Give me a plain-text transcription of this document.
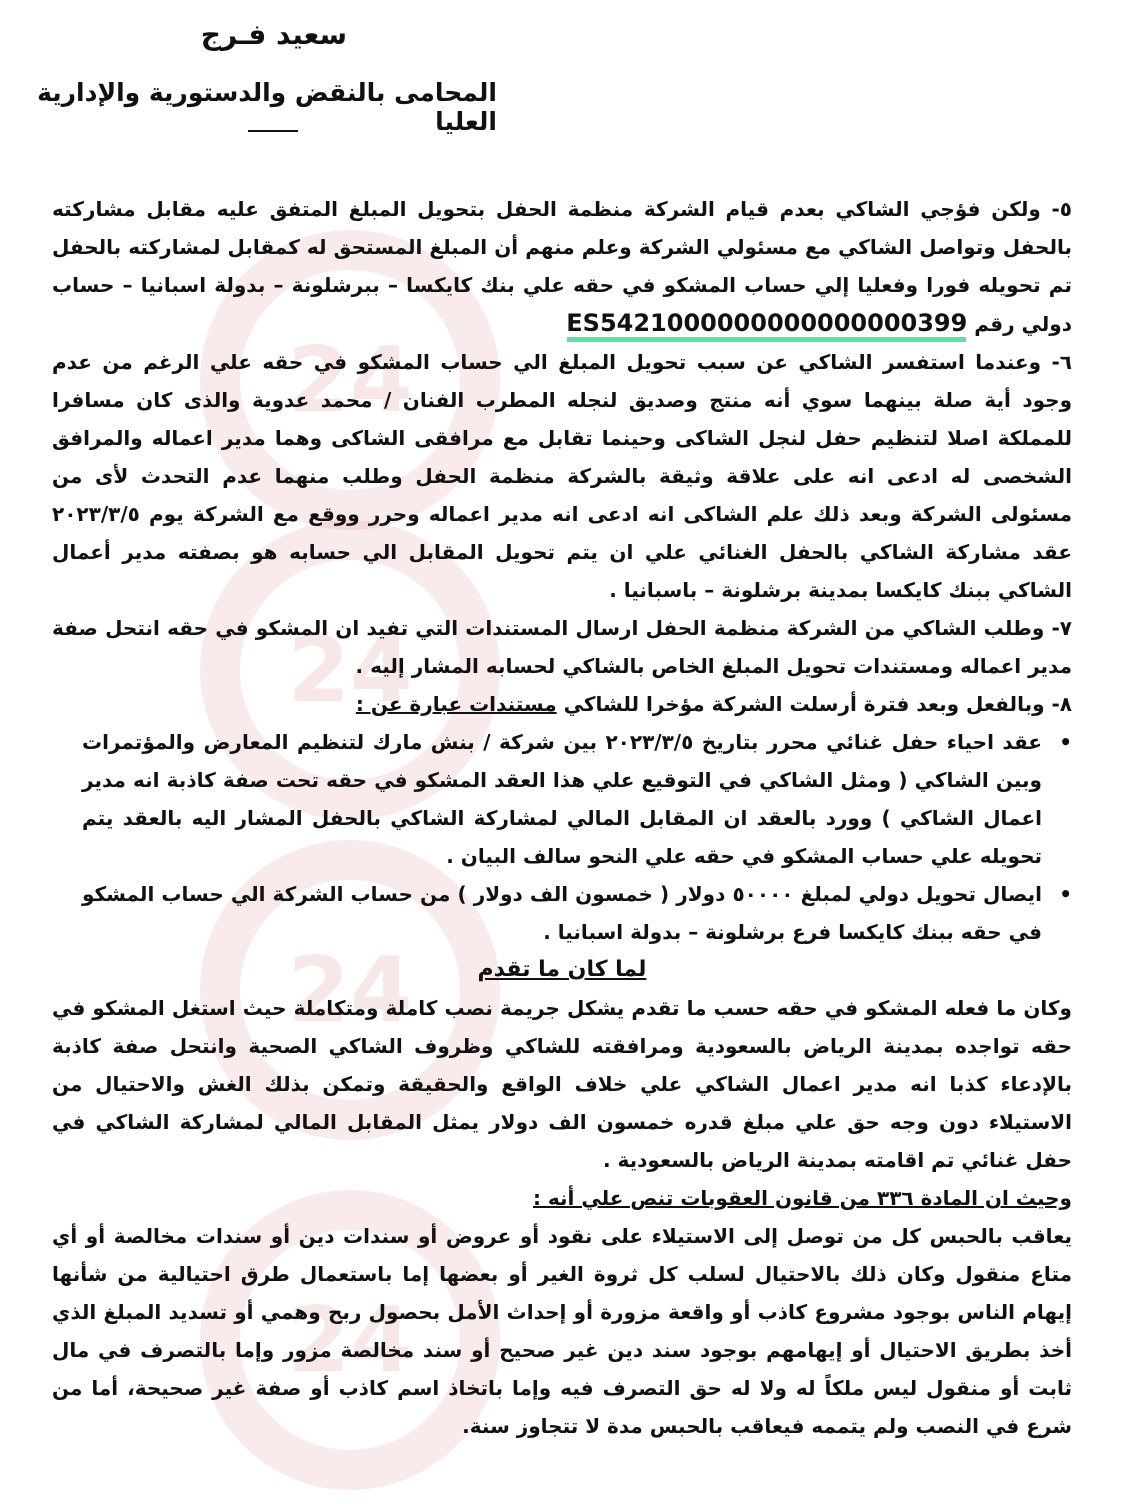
24
24
24
24
سعيد فـرج
المحامى بالنقض والدستورية والإدارية العليا

٥- ولكن فؤجي الشاكي بعدم قيام الشركة منظمة الحفل بتحويل المبلغ المتفق عليه مقابل مشاركته بالحفل وتواصل الشاكي مع مسئولي الشركة وعلم منهم أن المبلغ المستحق له كمقابل لمشاركته بالحفل تم تحويله فورا وفعليا إلي حساب المشكو في حقه علي بنك كايكسا – ببرشلونة – بدولة اسبانيا – حساب دولي رقم ES5421000000000000000399

٦- وعندما استفسر الشاكي عن سبب تحويل المبلغ الي حساب المشكو في حقه علي الرغم من عدم وجود أية صلة بينهما سوي أنه منتج وصديق لنجله المطرب الفنان / محمد عدوية والذى كان مسافرا للمملكة اصلا لتنظيم حفل لنجل الشاكى وحينما تقابل مع مرافقى الشاكى وهما مدير اعماله والمرافق الشخصى له ادعى انه على علاقة وثيقة بالشركة منظمة الحفل وطلب منهما عدم التحدث لأى من مسئولى الشركة وبعد ذلك علم الشاكى انه ادعى انه مدير اعماله وحرر ووقع مع الشركة يوم ٢٠٢٣/٣/٥ عقد مشاركة الشاكي بالحفل الغنائي علي ان يتم تحويل المقابل الي حسابه هو بصفته مدير أعمال الشاكي ببنك كايكسا بمدينة برشلونة – باسبانيا .

٧- وطلب الشاكي من الشركة منظمة الحفل ارسال المستندات التي تفيد ان المشكو في حقه انتحل صفة مدير اعماله ومستندات تحويل المبلغ الخاص بالشاكي لحسابه المشار إليه .

٨- وبالفعل وبعد فترة أرسلت الشركة مؤخرا للشاكي مستندات عبارة عن :

•
عقد احياء حفل غنائي محرر بتاريخ ٢٠٢٣/٣/٥ بين شركة / بنش مارك لتنظيم المعارض والمؤتمرات وبين الشاكي ( ومثل الشاكي في التوقيع علي هذا العقد المشكو في حقه تحت صفة كاذبة انه مدير اعمال الشاكي ) وورد بالعقد ان المقابل المالي لمشاركة الشاكي بالحفل المشار اليه بالعقد يتم تحويله علي حساب المشكو في حقه علي النحو سالف البيان .

•
ايصال تحويل دولي لمبلغ ٥٠٠٠٠ دولار ( خمسون الف دولار ) من حساب الشركة الي حساب المشكو في حقه ببنك كايكسا فرع برشلونة – بدولة اسبانيا .

لما كان ما تقدم

وكان ما فعله المشكو في حقه حسب ما تقدم يشكل جريمة نصب كاملة ومتكاملة حيث استغل المشكو في حقه تواجده بمدينة الرياض بالسعودية ومرافقته للشاكي وظروف الشاكي الصحية وانتحل صفة كاذبة بالإدعاء كذبا انه مدير اعمال الشاكي علي خلاف الواقع والحقيقة وتمكن بذلك الغش والاحتيال من الاستيلاء دون وجه حق علي مبلغ قدره خمسون الف دولار يمثل المقابل المالي لمشاركة الشاكي في حفل غنائي تم اقامته بمدينة الرياض بالسعودية .

وحيث ان المادة ٣٣٦ من قانون العقوبات تنص علي أنه :

يعاقب بالحبس كل من توصل إلى الاستيلاء على نقود أو عروض أو سندات دين أو سندات مخالصة أو أي متاع منقول وكان ذلك بالاحتيال لسلب كل ثروة الغير أو بعضها إما باستعمال طرق احتيالية من شأنها إيهام الناس بوجود مشروع كاذب أو واقعة مزورة أو إحداث الأمل بحصول ربح وهمي أو تسديد المبلغ الذي أخذ بطريق الاحتيال أو إيهامهم بوجود سند دين غير صحيح أو سند مخالصة مزور وإما بالتصرف في مال ثابت أو منقول ليس ملكاً له ولا له حق التصرف فيه وإما باتخاذ اسم كاذب أو صفة غير صحيحة، أما من شرع في النصب ولم يتممه فيعاقب بالحبس مدة لا تتجاوز سنة.
